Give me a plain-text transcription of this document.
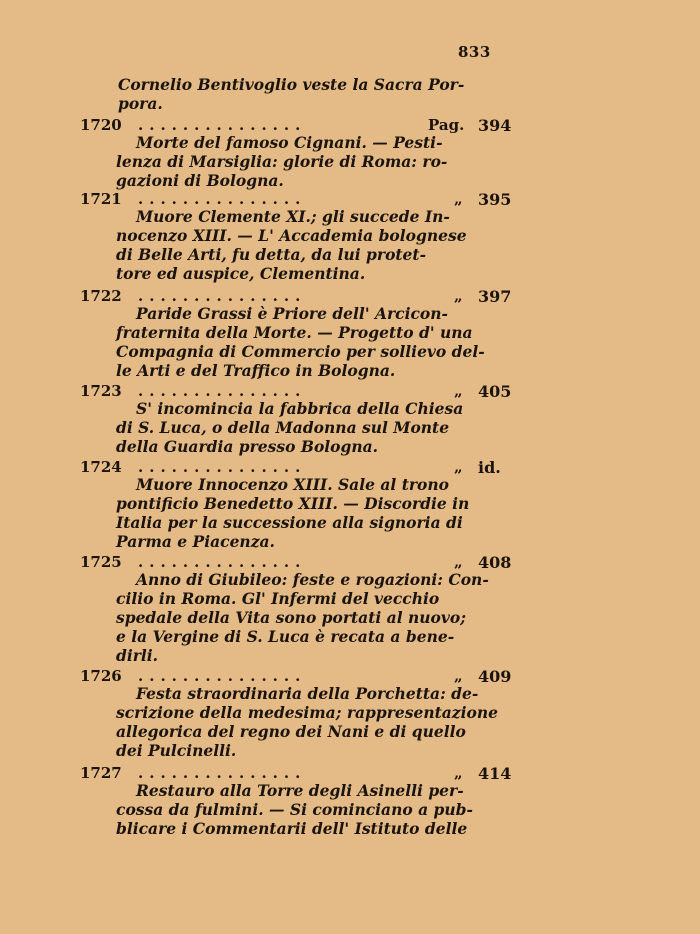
833
Cornelio Bentivoglio veste la Sacra Por-
pora.
1720 ...............	Pag. 394
Morte del famoso Cignani. — Pesti-
lenza di Marsiglia: glorie di Roma: ro-
gazioni di Bologna.
1721 ...............	„ 395
Muore Clemente XI.; gli succede In-
nocenzo XIII. — L' Accademia bolognese
di Belle Arti, fu detta, da lui protet-
tore ed auspice, Clementina.
1722 ...............	„ 397
Paride Grassi è Priore dell' Arcicon-
fraternita della Morte. — Progetto d' una
Compagnia di Commercio per sollievo del-
le Arti e del Traffico in Bologna.
1723 ...............	„ 405
S' incomincia la fabbrica della Chiesa
di S. Luca, o della Madonna sul Monte
della Guardia presso Bologna.
1724 ...............	„ id.
Muore Innocenzo XIII. Sale al trono
pontificio Benedetto XIII. — Discordie in
Italia per la successione alla signoria di
Parma e Piacenza.
1725 ...............	„ 408
Anno di Giubileo: feste e rogazioni: Con-
cilio in Roma. Gl' Infermi del vecchio
spedale della Vita sono portati al nuovo;
e la Vergine di S. Luca è recata a bene-
dirli.
1726 ...............	„ 409
Festa straordinaria della Porchetta: de-
scrizione della medesima; rappresentazione
allegorica del regno dei Nani e di quello
dei Pulcinelli.
1727 ...............	„ 414
Restauro alla Torre degli Asinelli per-
cossa da fulmini. — Si cominciano a pub-
blicare i Commentarii dell' Istituto delle
